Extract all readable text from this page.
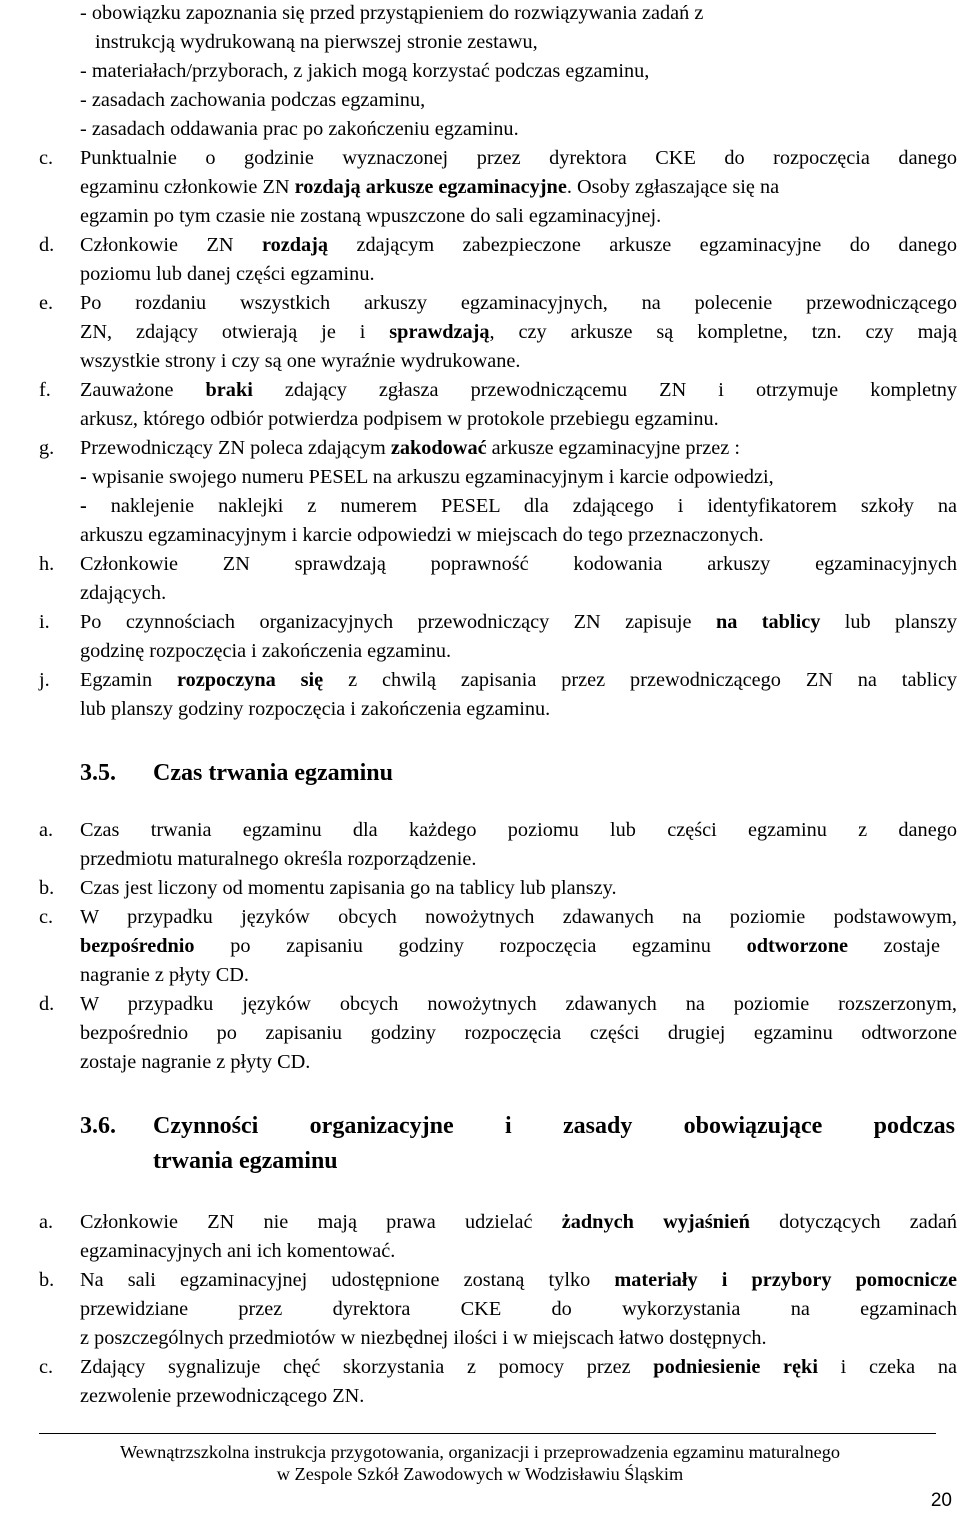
- obowiązku zapoznania się przed przystąpieniem do rozwiązywania zadań z
instrukcją wydrukowaną na pierwszej stronie zestawu,
- materiałach/przyborach, z jakich mogą korzystać podczas egzaminu,
- zasadach zachowania podczas egzaminu,
- zasadach oddawania prac po zakończeniu egzaminu.
c. Punktualnie o godzinie wyznaczonej przez dyrektora CKE do rozpoczęcia danego
egzaminu członkowie ZN rozdają arkusze egzaminacyjne. Osoby zgłaszające się na
egzamin po tym czasie nie zostaną wpuszczone do sali egzaminacyjnej.
d. Członkowie ZN rozdają zdającym zabezpieczone arkusze egzaminacyjne do danego
poziomu lub danej części egzaminu.
e. Po rozdaniu wszystkich arkuszy egzaminacyjnych, na polecenie przewodniczącego
ZN, zdający otwierają je i sprawdzają, czy arkusze są kompletne, tzn. czy mają
wszystkie strony i czy są one wyraźnie wydrukowane.
f. Zauważone braki zdający zgłasza przewodniczącemu ZN i otrzymuje kompletny
arkusz, którego odbiór potwierdza podpisem w protokole przebiegu egzaminu.
g. Przewodniczący ZN poleca zdającym zakodować arkusze egzaminacyjne przez :
- wpisanie swojego numeru PESEL na arkuszu egzaminacyjnym i karcie odpowiedzi,
- naklejenie naklejki z numerem PESEL dla zdającego i identyfikatorem szkoły na
arkuszu egzaminacyjnym i karcie odpowiedzi w miejscach do tego przeznaczonych.
h. Członkowie ZN sprawdzają poprawność kodowania arkuszy egzaminacyjnych
zdających.
i. Po czynnościach organizacyjnych przewodniczący ZN zapisuje na tablicy lub planszy
godzinę rozpoczęcia i zakończenia egzaminu.
j. Egzamin rozpoczyna się z chwilą zapisania przez przewodniczącego ZN na tablicy
lub planszy godziny rozpoczęcia i zakończenia egzaminu.
3.5. Czas trwania egzaminu
a. Czas trwania egzaminu dla każdego poziomu lub części egzaminu z danego
przedmiotu maturalnego określa rozporządzenie.
b. Czas jest liczony od momentu zapisania go na tablicy lub planszy.
c. W przypadku języków obcych nowożytnych zdawanych na poziomie podstawowym,
bezpośrednio po zapisaniu godziny rozpoczęcia egzaminu odtworzone zostaje
nagranie z płyty CD.
d. W przypadku języków obcych nowożytnych zdawanych na poziomie rozszerzonym,
bezpośrednio po zapisaniu godziny rozpoczęcia części drugiej egzaminu odtworzone
zostaje nagranie z płyty CD.
3.6. Czynności organizacyjne i zasady obowiązujące podczas
trwania egzaminu
a. Członkowie ZN nie mają prawa udzielać żadnych wyjaśnień dotyczących zadań
egzaminacyjnych ani ich komentować.
b. Na sali egzaminacyjnej udostępnione zostaną tylko materiały i przybory pomocnicze
przewidziane przez dyrektora CKE do wykorzystania na egzaminach
z poszczególnych przedmiotów w niezbędnej ilości i w miejscach łatwo dostępnych.
c. Zdający sygnalizuje chęć skorzystania z pomocy przez podniesienie ręki i czeka na
zezwolenie przewodniczącego ZN.
Wewnątrzszkolna instrukcja przygotowania, organizacji i przeprowadzenia egzaminu maturalnego
w Zespole Szkół Zawodowych w Wodzisławiu Śląskim
20
